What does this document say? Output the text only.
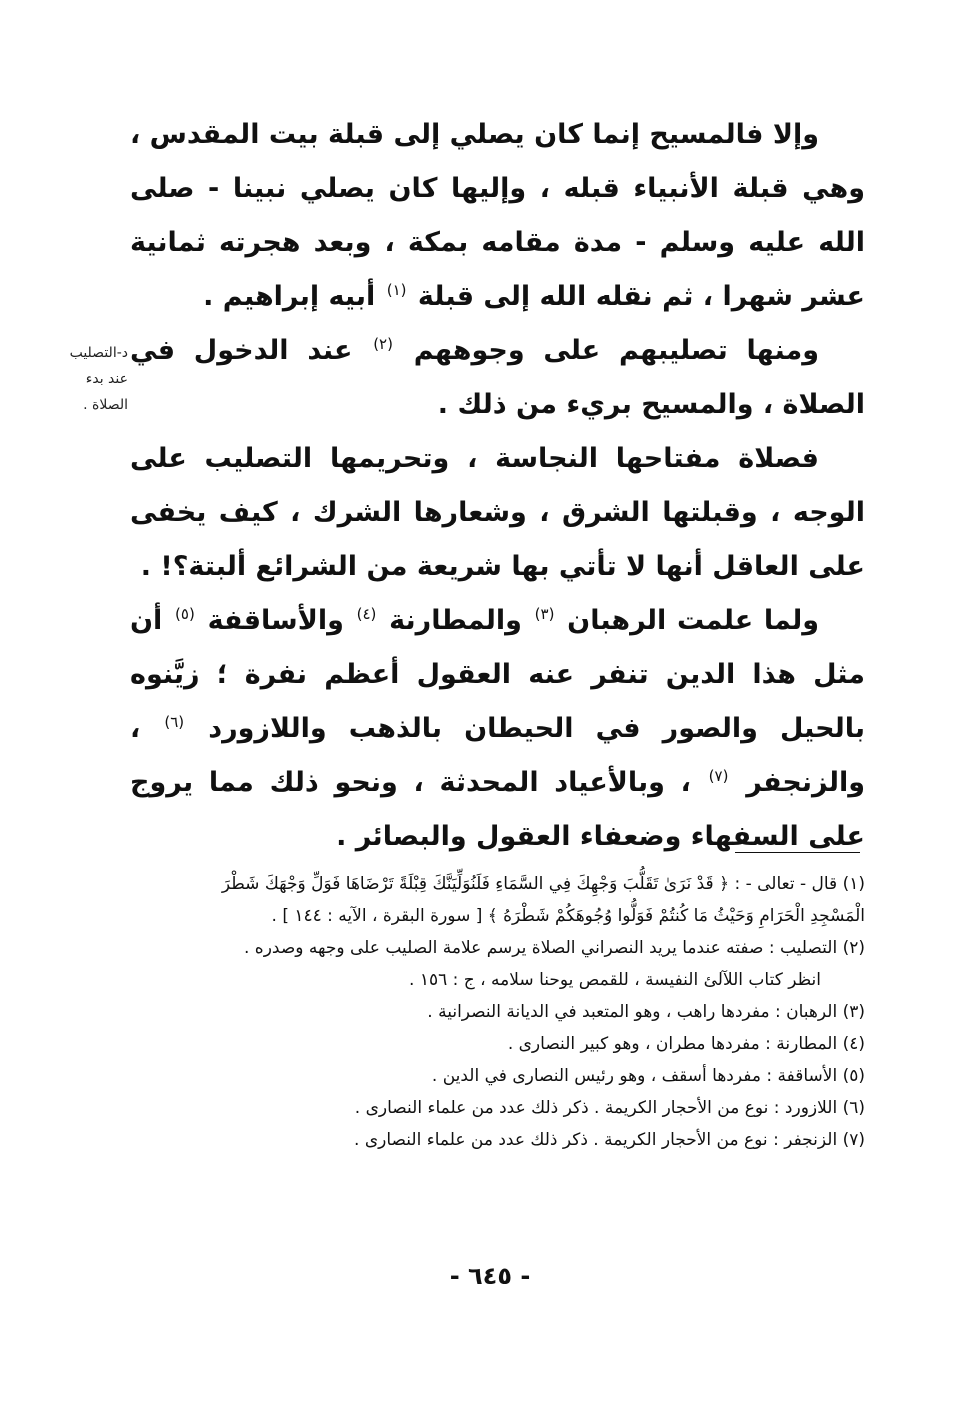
د-التصليب
عند بدء
الصلاة .

وإلا فالمسيح إنما كان يصلي إلى قبلة بيت المقدس ، وهي قبلة الأنبياء قبله ، وإليها كان يصلي نبينا - صلى الله عليه وسلم - مدة مقامه بمكة ، وبعد هجرته ثمانية عشر شهرا ، ثم نقله الله إلى قبلة $^{(١)}$ أبيه إبراهيم .

ومنها تصليبهم على وجوههم $^{(٢)}$ عند الدخول في الصلاة ، والمسيح بريء من ذلك .

فصلاة مفتاحها النجاسة ، وتحريمها التصليب على الوجه ، وقبلتها الشرق ، وشعارها الشرك ، كيف يخفى على العاقل أنها لا تأتي بها شريعة من الشرائع ألبتة؟! .

ولما علمت الرهبان $^{(٣)}$ والمطارنة $^{(٤)}$ والأساقفة $^{(٥)}$ أن مثل هذا الدين تنفر عنه العقول أعظم نفرة ؛ زيَّنوه بالحيل والصور في الحيطان بالذهب واللازورد $^{(٦)}$ ، والزنجفر $^{(٧)}$ ، وبالأعياد المحدثة ، ونحو ذلك مما يروج على السفهاء وضعفاء العقول والبصائر .

(١) قال - تعالى - : ﴿ قَدْ نَرَىٰ تَقَلُّبَ وَجْهِكَ فِي السَّمَاءِ فَلَنُوَلِّيَنَّكَ قِبْلَةً تَرْضَاهَا فَوَلِّ وَجْهَكَ شَطْرَ

الْمَسْجِدِ الْحَرَامِ وَحَيْثُ مَا كُنتُمْ فَوَلُّوا وُجُوهَكُمْ شَطْرَهُ ﴾ [ سورة البقرة ، الآيه : ١٤٤ ] .

(٢) التصليب : صفته عندما يريد النصراني الصلاة يرسم علامة الصليب على وجهه وصدره .

انظر كتاب اللآلئ النفيسة ، للقمص يوحنا سلامه ، ج : ١٥٦ .

(٣) الرهبان : مفردها راهب ، وهو المتعبد في الديانة النصرانية .

(٤) المطارنة : مفردها مطران ، وهو كبير النصارى .

(٥) الأساقفة : مفردها أسقف ، وهو رئيس النصارى في الدين .

(٦) اللازورد : نوع من الأحجار الكريمة . ذكر ذلك عدد من علماء النصارى .

(٧) الزنجفر : نوع من الأحجار الكريمة . ذكر ذلك عدد من علماء النصارى .

- ٦٤٥ -
